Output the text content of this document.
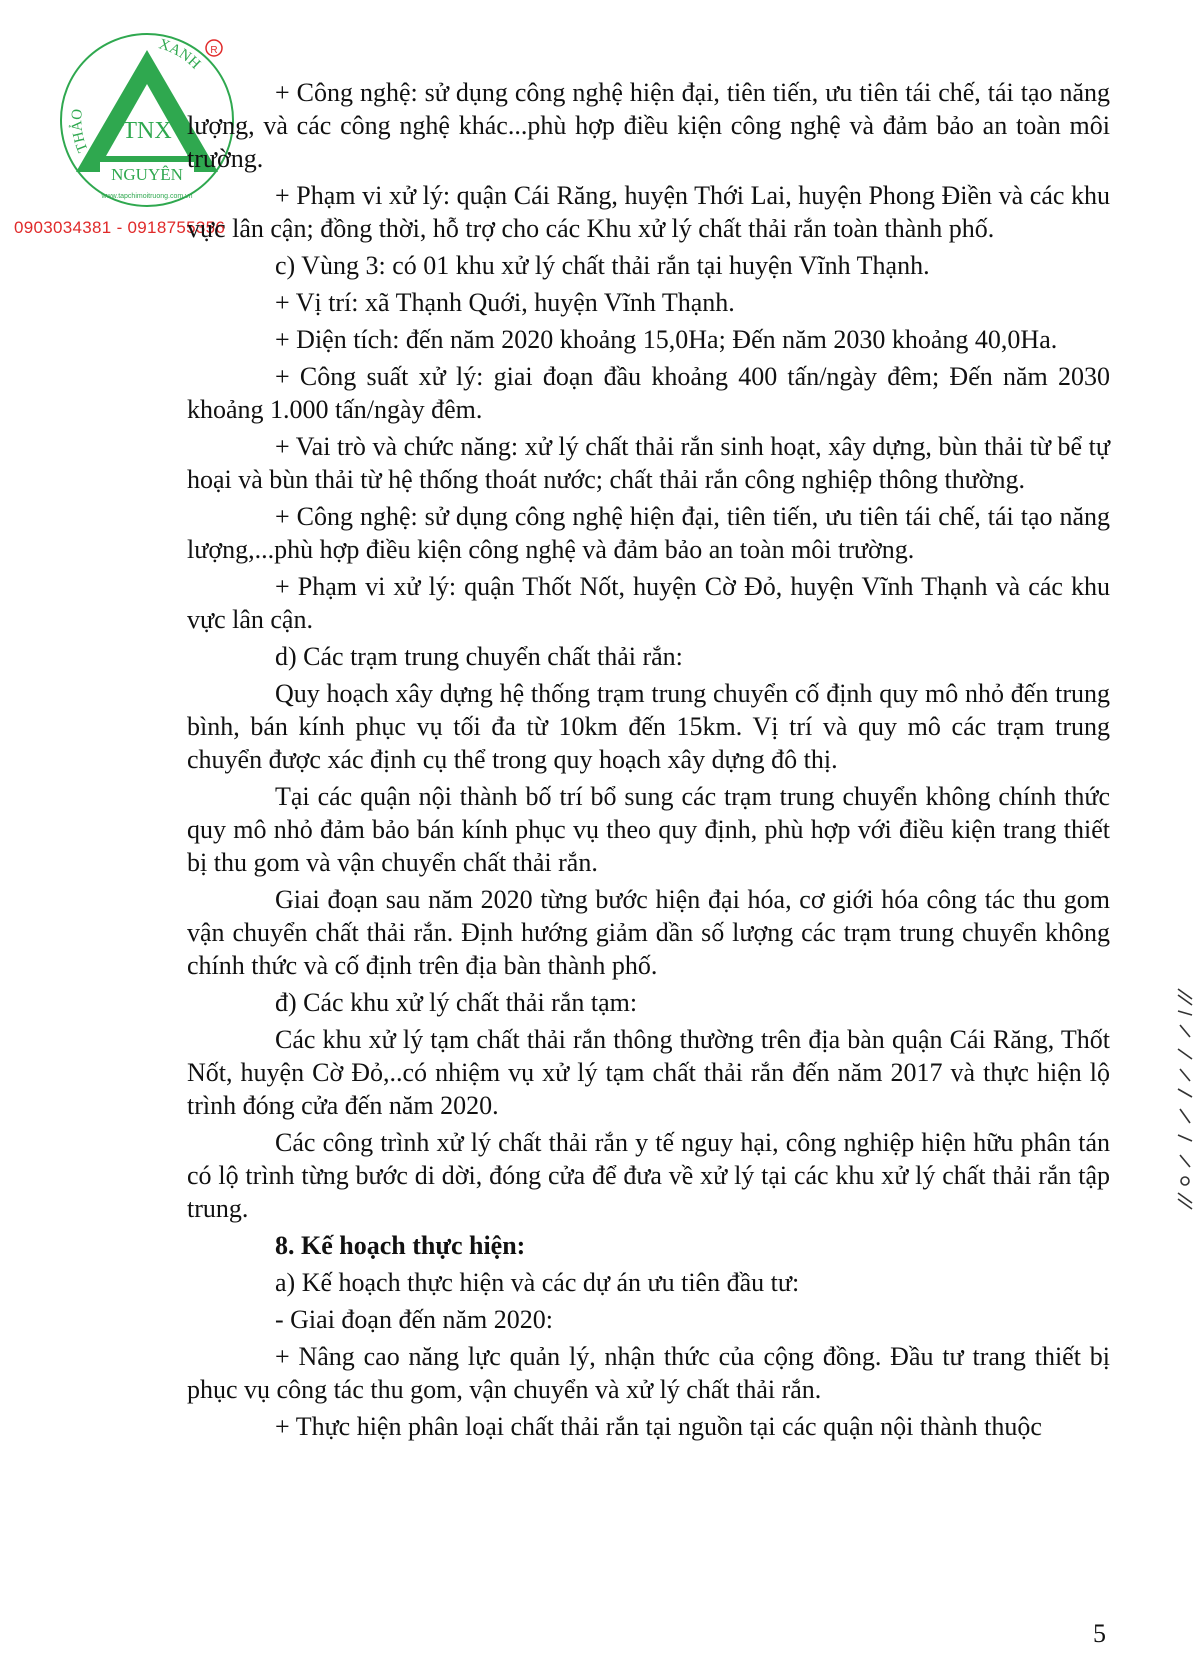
THẢO
XANH
TNX
NGUYÊN
www.tapchimoitruong.com.vn
R
0903034381 - 0918755356

+ Công nghệ: sử dụng công nghệ hiện đại, tiên tiến, ưu tiên tái chế, tái tạo năng lượng, và các công nghệ khác...phù hợp điều kiện công nghệ và đảm bảo an toàn môi trường.

+ Phạm vi xử lý: quận Cái Răng, huyện Thới Lai, huyện Phong Điền và các khu vực lân cận; đồng thời, hỗ trợ cho các Khu xử lý chất thải rắn toàn thành phố.

c) Vùng 3: có 01 khu xử lý chất thải rắn tại huyện Vĩnh Thạnh.

+ Vị trí: xã Thạnh Quới, huyện Vĩnh Thạnh.

+ Diện tích: đến năm 2020 khoảng 15,0Ha; Đến năm 2030 khoảng 40,0Ha.

+ Công suất xử lý: giai đoạn đầu khoảng 400 tấn/ngày đêm; Đến năm 2030 khoảng 1.000 tấn/ngày đêm.

+ Vai trò và chức năng: xử lý chất thải rắn sinh hoạt, xây dựng, bùn thải từ bể tự hoại và bùn thải từ hệ thống thoát nước; chất thải rắn công nghiệp thông thường.

+ Công nghệ: sử dụng công nghệ hiện đại, tiên tiến, ưu tiên tái chế, tái tạo năng lượng,...phù hợp điều kiện công nghệ và đảm bảo an toàn môi trường.

+ Phạm vi xử lý: quận Thốt Nốt, huyện Cờ Đỏ, huyện Vĩnh Thạnh và các khu vực lân cận.

d) Các trạm trung chuyển chất thải rắn:

Quy hoạch xây dựng hệ thống trạm trung chuyển cố định quy mô nhỏ đến trung bình, bán kính phục vụ tối đa từ 10km đến 15km. Vị trí và quy mô các trạm trung chuyển được xác định cụ thể trong quy hoạch xây dựng đô thị.

Tại các quận nội thành bố trí bổ sung các trạm trung chuyển không chính thức quy mô nhỏ đảm bảo bán kính phục vụ theo quy định, phù hợp với điều kiện trang thiết bị thu gom và vận chuyển chất thải rắn.

Giai đoạn sau năm 2020 từng bước hiện đại hóa, cơ giới hóa công tác thu gom vận chuyển chất thải rắn. Định hướng giảm dần số lượng các trạm trung chuyển không chính thức và cố định trên địa bàn thành phố.

đ) Các khu xử lý chất thải rắn tạm:

Các khu xử lý tạm chất thải rắn thông thường trên địa bàn quận Cái Răng, Thốt Nốt, huyện Cờ Đỏ,..có nhiệm vụ xử lý tạm chất thải rắn đến năm 2017 và thực hiện lộ trình đóng cửa đến năm 2020.

Các công trình xử lý chất thải rắn y tế nguy hại, công nghiệp hiện hữu phân tán có lộ trình từng bước di dời, đóng cửa để đưa về xử lý tại các khu xử lý chất thải rắn tập trung.

8. Kế hoạch thực hiện:

a) Kế hoạch thực hiện và các dự án ưu tiên đầu tư:

- Giai đoạn đến năm 2020:

+ Nâng cao năng lực quản lý, nhận thức của cộng đồng. Đầu tư trang thiết bị phục vụ công tác thu gom, vận chuyển và xử lý chất thải rắn.

+ Thực hiện phân loại chất thải rắn tại nguồn tại các quận nội thành thuộc

5
